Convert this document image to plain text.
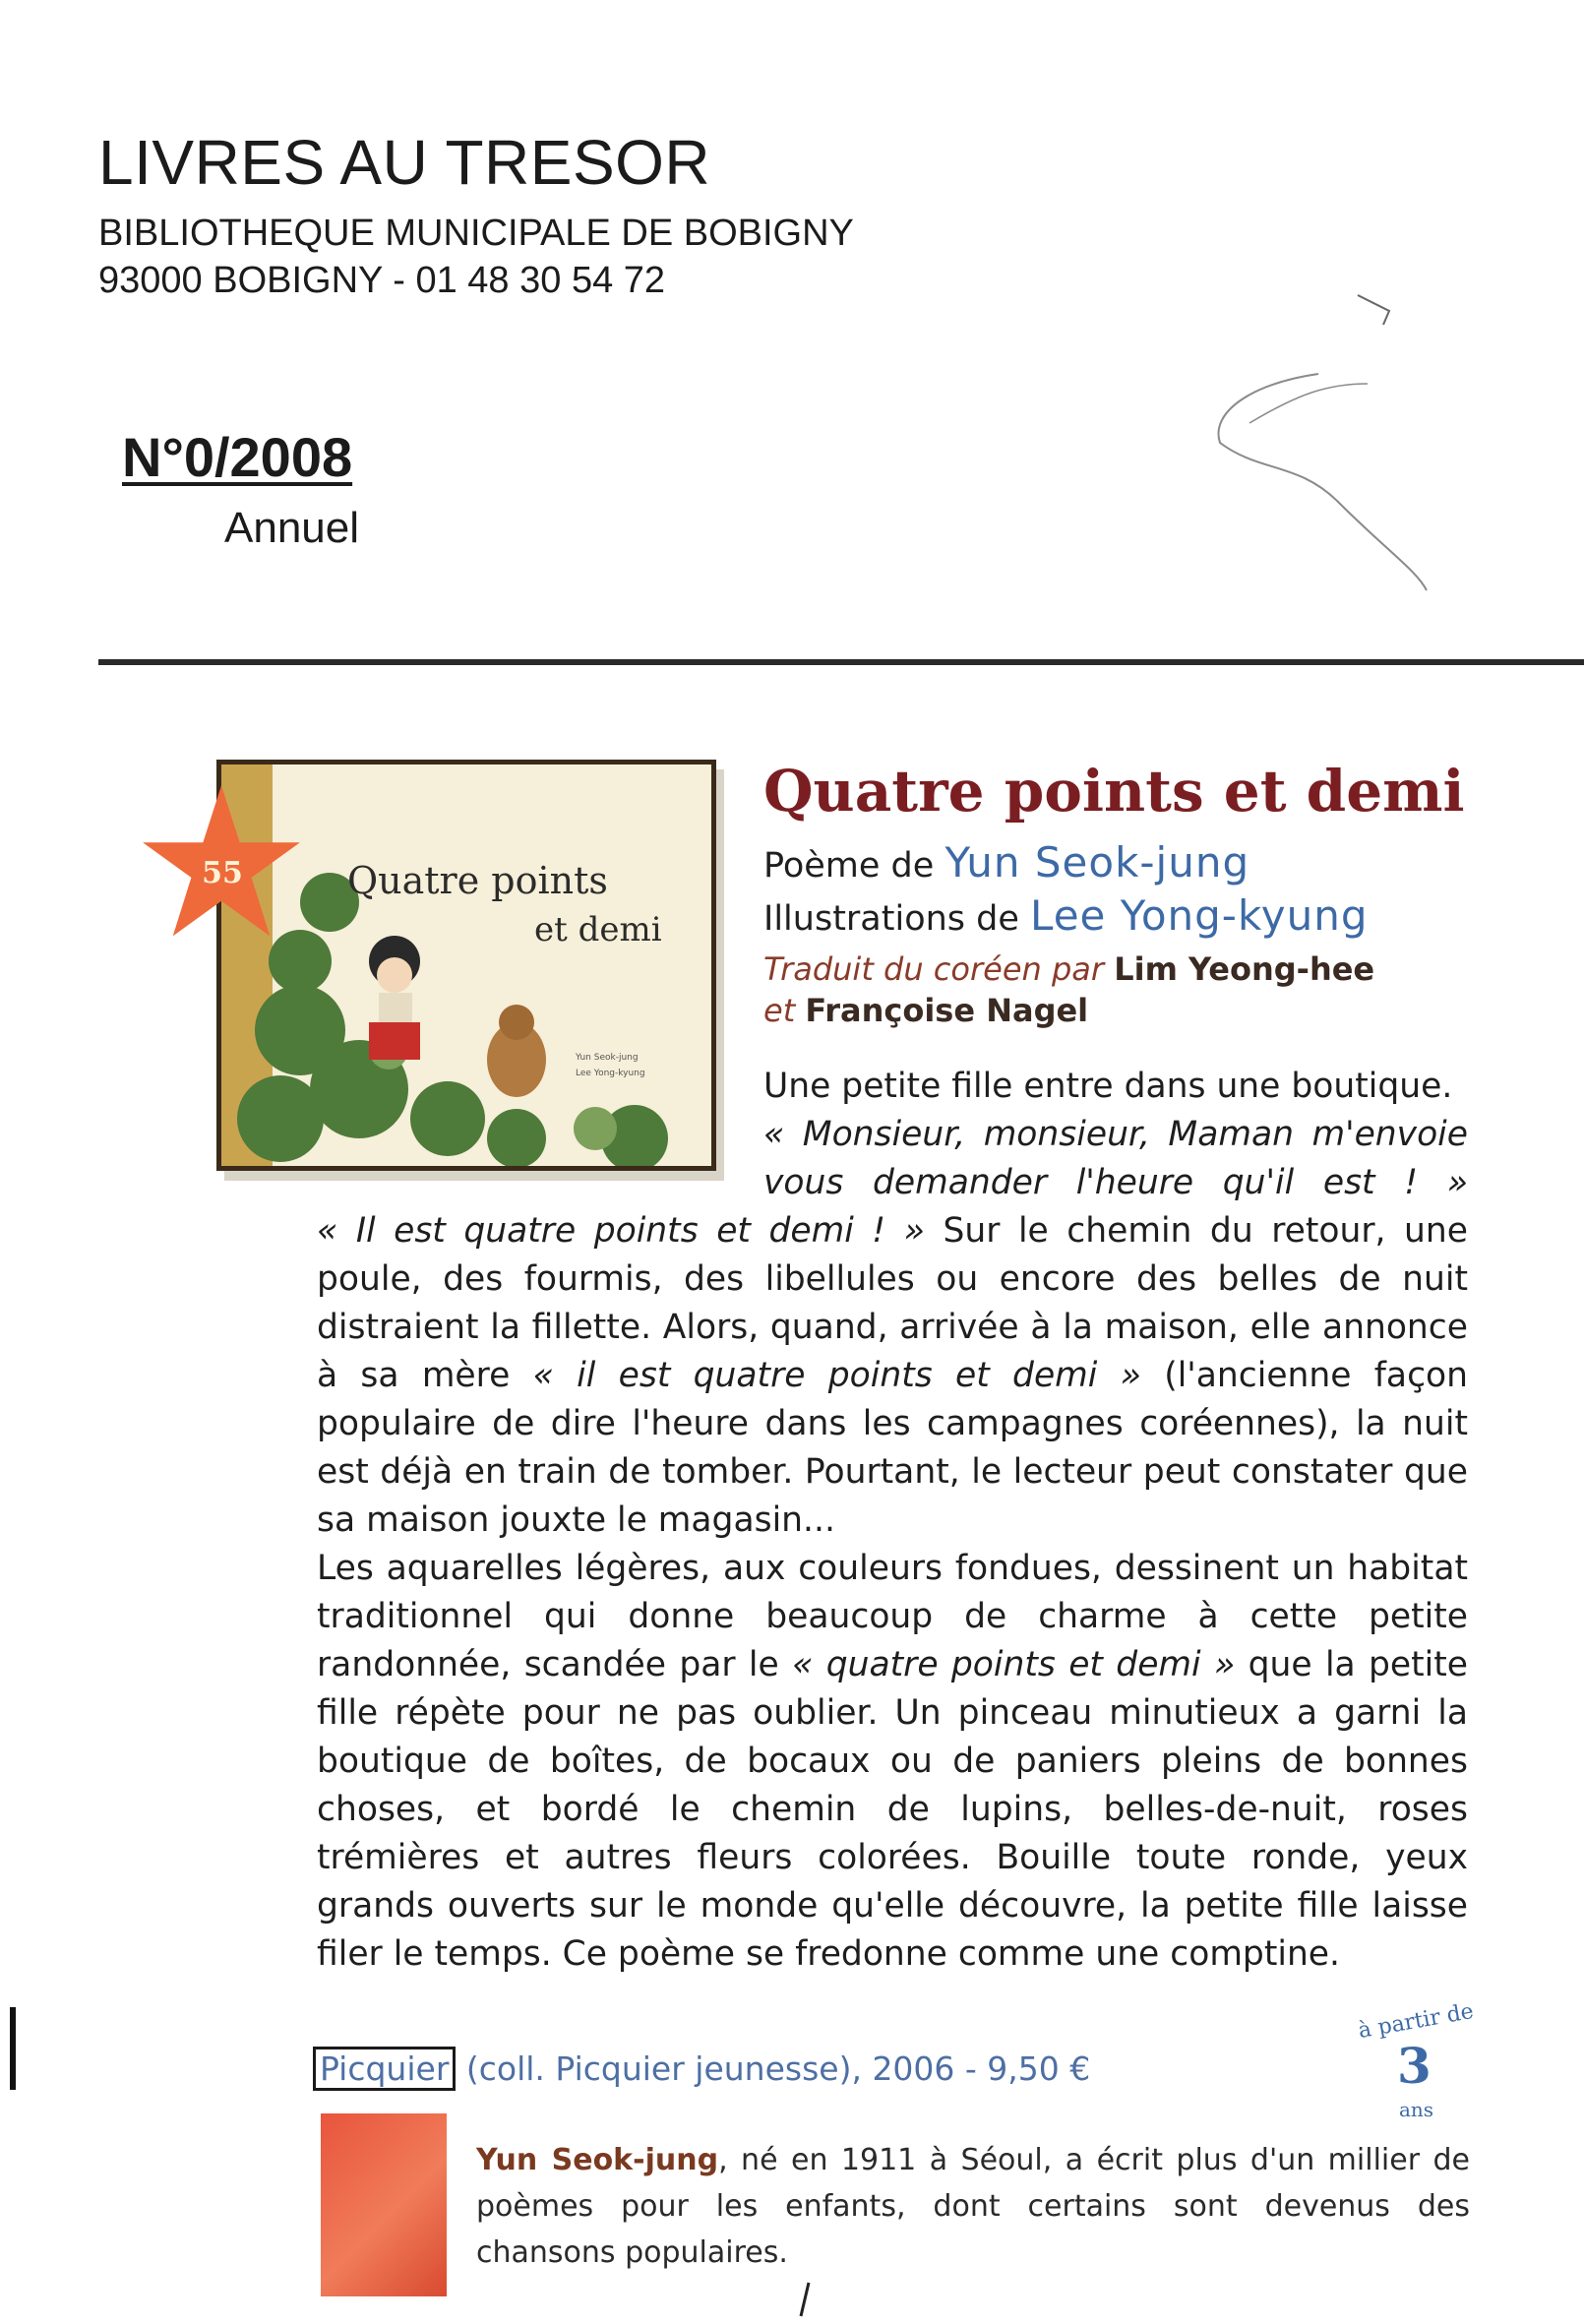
LIVRES AU TRESOR
BIBLIOTHEQUE MUNICIPALE DE BOBIGNY
93000 BOBIGNY - 01 48 30 54 72
N°0/2008
Annuel
Quatre points
et demi
Yun Seok-jung
Lee Yong-kyung
55
Quatre points et demi
Poème de Yun Seok-jung
Illustrations de Lee Yong-kyung
Traduit du coréen par Lim Yeong-hee
et Françoise Nagel
Une petite fille entre dans une boutique.
« Monsieur, monsieur, Maman m'envoie vous demander l'heure qu'il est ! »
« Il est quatre points et demi ! » Sur le chemin du retour, une poule, des fourmis, des libellules ou encore des belles de nuit distraient la fillette. Alors, quand, arrivée à la maison, elle annonce à sa mère « il est quatre points et demi » (l'ancienne façon populaire de dire l'heure dans les campagnes coréennes), la nuit est déjà en train de tomber. Pourtant, le lecteur peut constater que sa maison jouxte le magasin...
Les aquarelles légères, aux couleurs fondues, dessinent un habitat traditionnel qui donne beaucoup de charme à cette petite randonnée, scandée par le « quatre points et demi » que la petite fille répète pour ne pas oublier. Un pinceau minutieux a garni la boutique de boîtes, de bocaux ou de paniers pleins de bonnes choses, et bordé le chemin de lupins, belles-de-nuit, roses trémières et autres fleurs colorées. Bouille toute ronde, yeux grands ouverts sur le monde qu'elle découvre, la petite fille laisse filer le temps. Ce poème se fredonne comme une comptine.
Picquier (coll. Picquier jeunesse), 2006 - 9,50 €
à partir de
3
ans
Yun Seok-jung, né en 1911 à Séoul, a écrit plus d'un millier de poèmes pour les enfants, dont certains sont devenus des chansons populaires.
